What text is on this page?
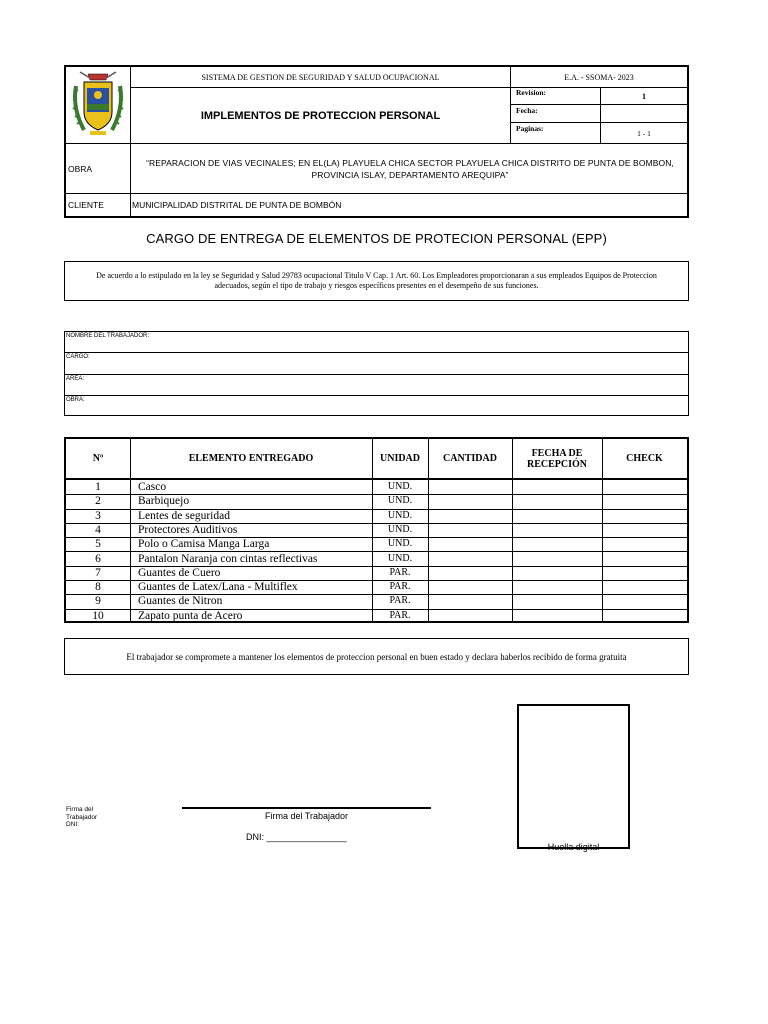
SISTEMA DE GESTION DE SEGURIDAD Y SALUD OCUPACIONAL	E.A. - SSOMA- 2023
IMPLEMENTOS DE PROTECCION PERSONAL
Revision:	1
Fecha:
Paginas:
1 - 1
OBRA
“REPARACION DE VIAS VECINALES; EN EL(LA) PLAYUELA CHICA SECTOR PLAYUELA CHICA DISTRITO DE PUNTA DE BOMBON, PROVINCIA ISLAY, DEPARTAMENTO AREQUIPA”
CLIENTE	MUNICIPALIDAD DISTRITAL DE PUNTA DE BOMBÓN
CARGO DE ENTREGA DE ELEMENTOS DE PROTECION PERSONAL (EPP)
De acuerdo a lo estipulado en la ley se Seguridad y Salud 29783 ocupacional Titulo V Cap. 1 Art. 60. Los Empleadores proporcionaran a sus empleados Equipos de Proteccion adecuados, según el tipo de trabajo y riesgos específicos presentes en el desempeño de sus funciones.
NOMBRE DEL TRABAJADOR:
CARGO:
AREA:
OBRA:
Nº	ELEMENTO ENTREGADO	UNIDAD	CANTIDAD	FECHA DE RECEPCIÓN	CHECK
1	Casco	UND.
2	Barbiquejo	UND.
3	Lentes de seguridad	UND.
4	Protectores Auditivos	UND.
5	Polo o Camisa Manga Larga	UND.
6	Pantalon Naranja con cintas reflectivas	UND.
7	Guantes de Cuero	PAR.
8	Guantes de Latex/Lana - Multiflex	PAR.
9	Guantes de Nitron	PAR.
10	Zapato punta de Acero	PAR.
El trabajador se compromete a mantener los elementos de proteccion personal en buen estado y declara haberlos recibido de forma gratuita
Firma del
Trabajador
DNI:
Firma del Trabajador
DNI: ________________
Huella digital
